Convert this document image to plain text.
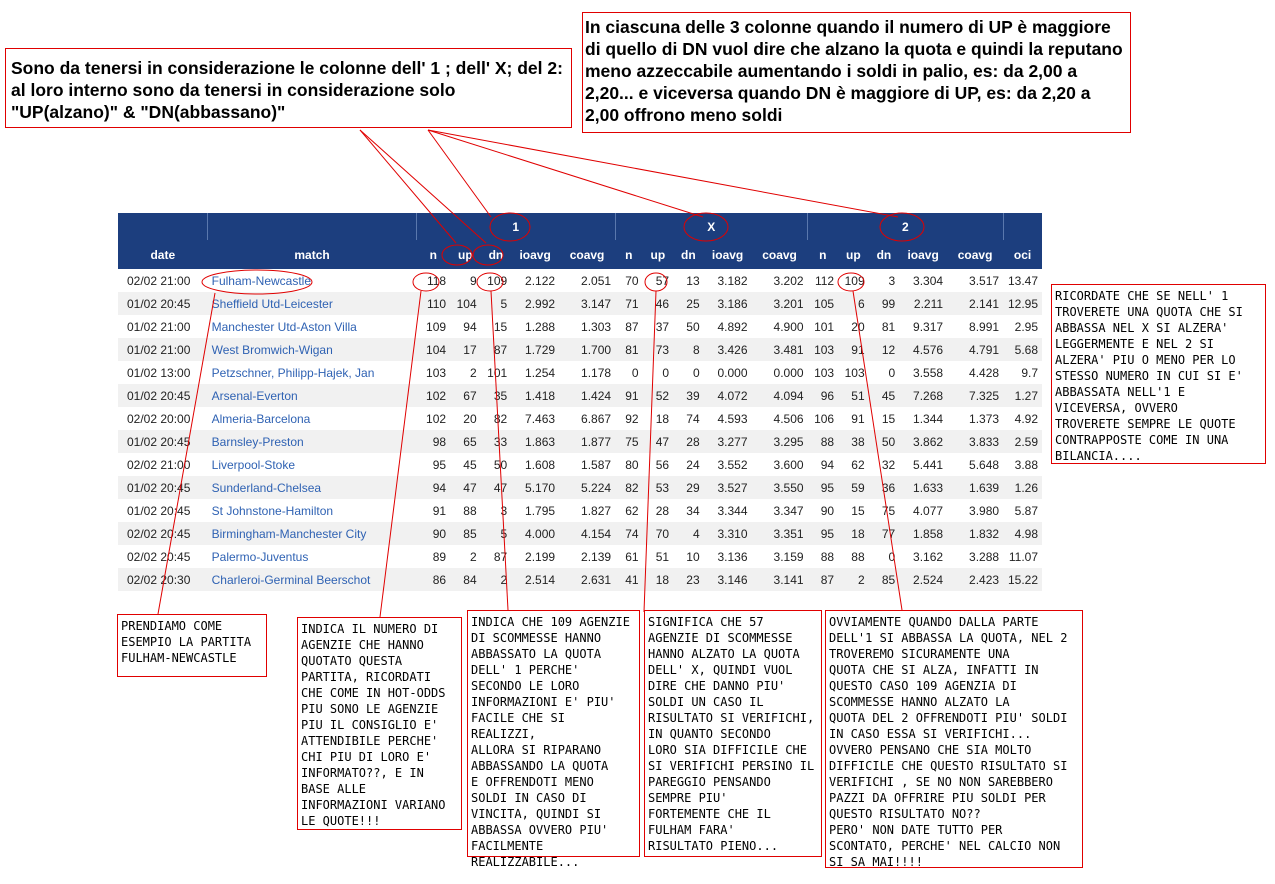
Sono da tenersi in considerazione le colonne dell' 1 ; dell' X; del 2: al loro interno sono da tenersi in considerazione solo "UP(alzano)" & "DN(abbassano)"
In ciascuna delle 3 colonne quando il numero di UP è maggiore di quello di DN vuol dire che alzano la quota e quindi la reputano meno azzeccabile aumentando i soldi in palio, es: da 2,00 a 2,20... e viceversa quando DN è maggiore di UP, es: da 2,20 a 2,00 offrono meno soldi
		1					X					2					
date	match	n	up	dn	ioavg	coavg	n	up	dn	ioavg	coavg	n	up	dn	ioavg	coavg	oci
02/02 21:00	Fulham-Newcastle	118	9	109	2.122	2.051	70	57	13	3.182	3.202	112	109	3	3.304	3.517	13.47
01/02 20:45	Sheffield Utd-Leicester	110	104	5	2.992	3.147	71	46	25	3.186	3.201	105	6	99	2.211	2.141	12.95
01/02 21:00	Manchester Utd-Aston Villa	109	94	15	1.288	1.303	87	37	50	4.892	4.900	101	20	81	9.317	8.991	2.95
01/02 21:00	West Bromwich-Wigan	104	17	87	1.729	1.700	81	73	8	3.426	3.481	103	91	12	4.576	4.791	5.68
01/02 13:00	Petzschner, Philipp-Hajek, Jan	103	2	101	1.254	1.178	0	0	0	0.000	0.000	103	103	0	3.558	4.428	9.7
01/02 20:45	Arsenal-Everton	102	67	35	1.418	1.424	91	52	39	4.072	4.094	96	51	45	7.268	7.325	1.27
02/02 20:00	Almeria-Barcelona	102	20	82	7.463	6.867	92	18	74	4.593	4.506	106	91	15	1.344	1.373	4.92
01/02 20:45	Barnsley-Preston	98	65	33	1.863	1.877	75	47	28	3.277	3.295	88	38	50	3.862	3.833	2.59
02/02 21:00	Liverpool-Stoke	95	45	50	1.608	1.587	80	56	24	3.552	3.600	94	62	32	5.441	5.648	3.88
01/02 20:45	Sunderland-Chelsea	94	47	47	5.170	5.224	82	53	29	3.527	3.550	95	59	36	1.633	1.639	1.26
01/02 20:45	St Johnstone-Hamilton	91	88	3	1.795	1.827	62	28	34	3.344	3.347	90	15	75	4.077	3.980	5.87
02/02 20:45	Birmingham-Manchester City	90	85	5	4.000	4.154	74	70	4	3.310	3.351	95	18	77	1.858	1.832	4.98
02/02 20:45	Palermo-Juventus	89	2	87	2.199	2.139	61	51	10	3.136	3.159	88	88	0	3.162	3.288	11.07
02/02 20:30	Charleroi-Germinal Beerschot	86	84	2	2.514	2.631	41	18	23	3.146	3.141	87	2	85	2.524	2.423	15.22
RICORDATE CHE SE NELL' 1
TROVERETE UNA QUOTA CHE SI
ABBASSA NEL X SI ALZERA'
LEGGERMENTE E NEL 2 SI
ALZERA' PIU O MENO PER LO
STESSO NUMERO IN CUI SI E'
ABBASSATA NELL'1 E
VICEVERSA, OVVERO
TROVERETE SEMPRE LE QUOTE
CONTRAPPOSTE COME IN UNA
BILANCIA....
PRENDIAMO COME
ESEMPIO LA PARTITA
FULHAM-NEWCASTLE
INDICA IL NUMERO DI
AGENZIE CHE HANNO
QUOTATO QUESTA
PARTITA, RICORDATI
CHE COME IN HOT-ODDS
PIU SONO LE AGENZIE
PIU IL CONSIGLIO E'
ATTENDIBILE PERCHE'
CHI PIU DI LORO E'
INFORMATO??, E IN
BASE ALLE
INFORMAZIONI VARIANO
LE QUOTE!!!
INDICA CHE 109 AGENZIE
DI SCOMMESSE HANNO
ABBASSATO LA QUOTA
DELL' 1 PERCHE'
SECONDO LE LORO
INFORMAZIONI E' PIU'
FACILE CHE SI REALIZZI,
ALLORA SI RIPARANO
ABBASSANDO LA QUOTA
E OFFRENDOTI MENO
SOLDI IN CASO DI
VINCITA, QUINDI SI
ABBASSA OVVERO PIU'
FACILMENTE
REALIZZABILE...
SIGNIFICA CHE 57
AGENZIE DI SCOMMESSE
HANNO ALZATO LA QUOTA
DELL' X, QUINDI VUOL
DIRE CHE DANNO PIU'
SOLDI UN CASO IL
RISULTATO SI VERIFICHI,
IN QUANTO SECONDO
LORO SIA DIFFICILE CHE
SI VERIFICHI PERSINO IL
PAREGGIO PENSANDO
SEMPRE PIU'
FORTEMENTE CHE IL
FULHAM FARA'
RISULTATO PIENO...
OVVIAMENTE QUANDO DALLA PARTE
DELL'1 SI ABBASSA LA QUOTA, NEL 2
TROVEREMO SICURAMENTE UNA
QUOTA CHE SI ALZA, INFATTI IN
QUESTO CASO 109 AGENZIA DI
SCOMMESSE HANNO ALZATO LA
QUOTA DEL 2 OFFRENDOTI PIU' SOLDI
IN CASO ESSA SI VERIFICHI...
OVVERO PENSANO CHE SIA MOLTO
DIFFICILE CHE QUESTO RISULTATO SI
VERIFICHI , SE NO NON SAREBBERO
PAZZI DA OFFRIRE PIU SOLDI PER
QUESTO RISULTATO NO??
PERO' NON DATE TUTTO PER
SCONTATO, PERCHE' NEL CALCIO NON
SI SA MAI!!!!
